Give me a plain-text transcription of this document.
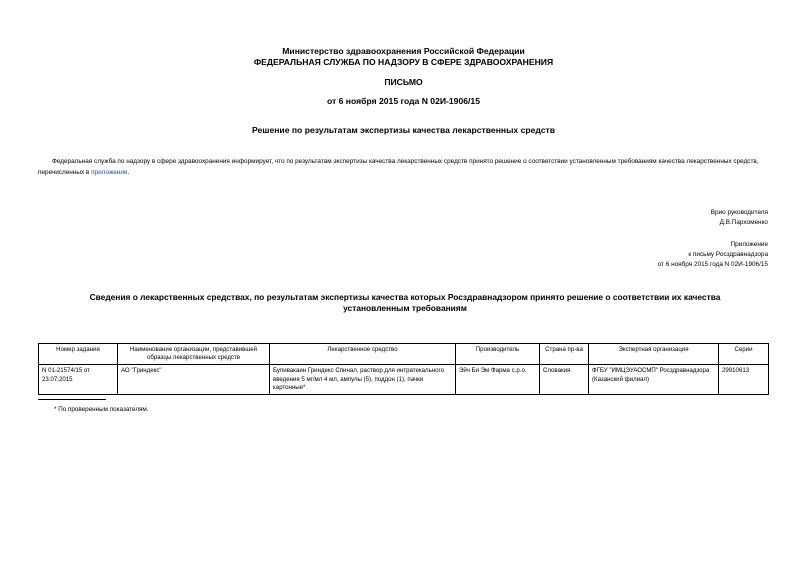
Министерство здравоохранения Российской Федерации
ФЕДЕРАЛЬНАЯ СЛУЖБА ПО НАДЗОРУ В СФЕРЕ ЗДРАВООХРАНЕНИЯ
ПИСЬМО
от 6 ноября 2015 года N 02И-1906/15
Решение по результатам экспертизы качества лекарственных средств
Федеральная служба по надзору в сфере здравоохранения информирует, что по результатам экспертизы качества лекарственных средств принято решение о соответствии установленным требованиям качества лекарственных средств, перечисленных в приложении.
Врио руководителя
Д.В.Пархоменко
Приложение
к письму Росздравнадзора
от 6 ноября 2015 года N 02И-1906/15
Сведения о лекарственных средствах, по результатам экспертизы качества которых Росздравнадзором принято решение о соответствии их качества установленным требованиям
Номер задания	Наименование организации, представившей образцы лекарственных средств	Лекарственное средство	Производитель	Страна пр-ва	Экспертная организация	Серии
N 01-21574/15 от 23.07.2015	АО "Гриндекс"	Бупивакаин Гриндекс Спинал, раствор для интратекального введения 5 мг/мл 4 мл, ампулы (5), поддон (1), пачки картонные*	Эйч Би Эм Фарма с.р.о.	Словакия	ФГБУ "ИМЦЭУАОСМП" Росздравнадзора (Казанский филиал)	29910613
* По проверенным показателям.
